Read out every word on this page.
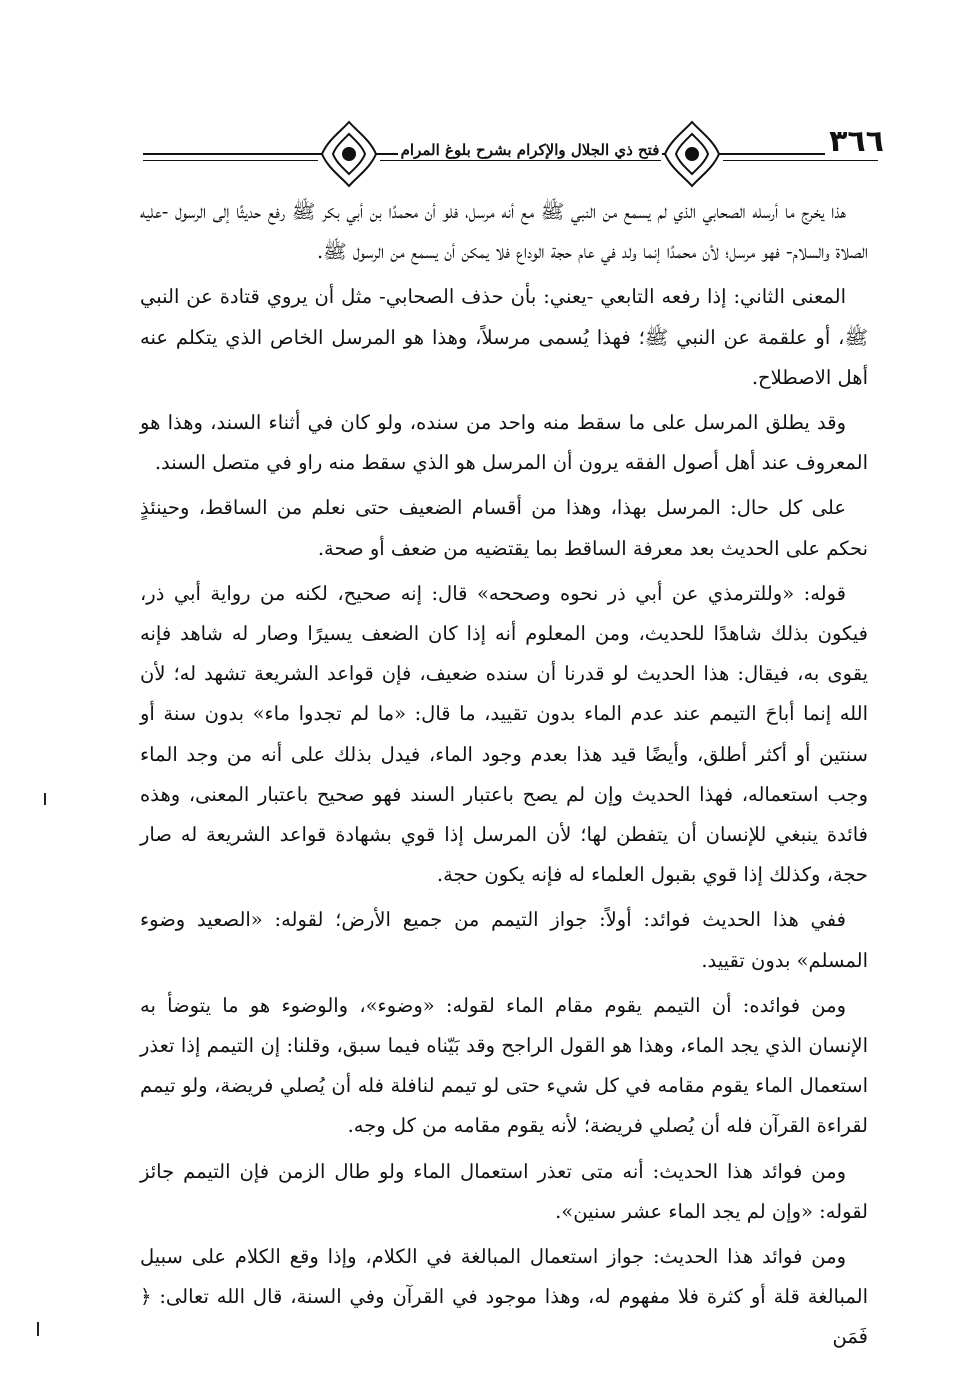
فتح ذي الجلال والإكرام بشرح بلوغ المرام	٣٦٦

هذا يخرج ما أرسله الصحابي الذي لم يسمع من النبي ﷺ مع أنه مرسل، فلو أن محمدًا بن أبي بكر ﷺ رفع حديثًا إلى الرسول -عليه الصلاة والسلام- فهو مرسل؛ لأن محمدًا إنما ولد في عام حجة الوداع فلا يمكن أن يسمع من الرسول ﷺ.

المعنى الثاني: إذا رفعه التابعي -يعني: بأن حذف الصحابي- مثل أن يروي قتادة عن النبي ﷺ، أو علقمة عن النبي ﷺ؛ فهذا يُسمى مرسلاً، وهذا هو المرسل الخاص الذي يتكلم عنه أهل الاصطلاح.

وقد يطلق المرسل على ما سقط منه واحد من سنده، ولو كان في أثناء السند، وهذا هو المعروف عند أهل أصول الفقه يرون أن المرسل هو الذي سقط منه راو في متصل السند.

على كل حال: المرسل بهذا، وهذا من أقسام الضعيف حتى نعلم من الساقط، وحينئذٍ نحكم على الحديث بعد معرفة الساقط بما يقتضيه من ضعف أو صحة.

قوله: «وللترمذي عن أبي ذر نحوه وصححه» قال: إنه صحيح، لكنه من رواية أبي ذر، فيكون بذلك شاهدًا للحديث، ومن المعلوم أنه إذا كان الضعف يسيرًا وصار له شاهد فإنه يقوى به، فيقال: هذا الحديث لو قدرنا أن سنده ضعيف، فإن قواعد الشريعة تشهد له؛ لأن الله إنما أباحَ التيمم عند عدم الماء بدون تقييد، ما قال: «ما لم تجدوا ماء» بدون سنة أو سنتين أو أكثر أطلق، وأيضًا قيد هذا بعدم وجود الماء، فيدل بذلك على أنه من وجد الماء وجب استعماله، فهذا الحديث وإن لم يصح باعتبار السند فهو صحيح باعتبار المعنى، وهذه فائدة ينبغي للإنسان أن يتفطن لها؛ لأن المرسل إذا قوي بشهادة قواعد الشريعة له صار حجة، وكذلك إذا قوي بقبول العلماء له فإنه يكون حجة.

ففي هذا الحديث فوائد: أولاً: جواز التيمم من جميع الأرض؛ لقوله: «الصعيد وضوء المسلم» بدون تقييد.

ومن فوائده: أن التيمم يقوم مقام الماء لقوله: «وضوء»، والوضوء هو ما يتوضأ به الإنسان الذي يجد الماء، وهذا هو القول الراجح وقد بَيّناه فيما سبق، وقلنا: إن التيمم إذا تعذر استعمال الماء يقوم مقامه في كل شيء حتى لو تيمم لنافلة فله أن يُصلي فريضة، ولو تيمم لقراءة القرآن فله أن يُصلي فريضة؛ لأنه يقوم مقامه من كل وجه.

ومن فوائد هذا الحديث: أنه متى تعذر استعمال الماء ولو طال الزمن فإن التيمم جائز لقوله: «وإن لم يجد الماء عشر سنين».

ومن فوائد هذا الحديث: جواز استعمال المبالغة في الكلام، وإذا وقع الكلام على سبيل المبالغة قلة أو كثرة فلا مفهوم له، وهذا موجود في القرآن وفي السنة، قال الله تعالى: ﴿ فَمَن
